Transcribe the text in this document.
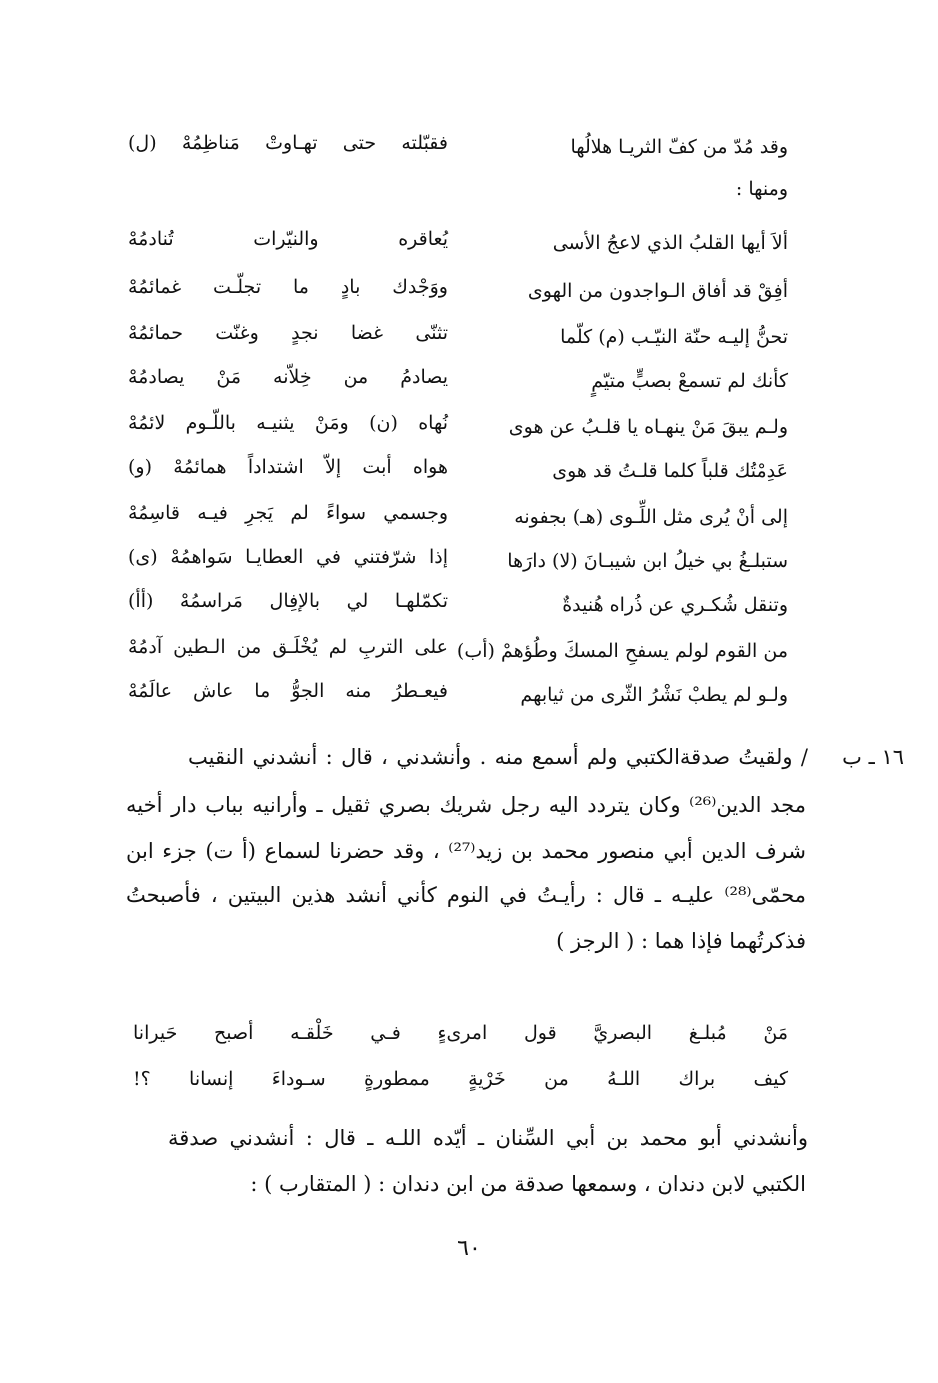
وقد مُدّ من كفّ الثريـا هلالُها
فقبّلته حتى تهـاوتْ مَناظِمُهْ (ل)
ومنها :
ألاَ أيها القلبُ الذي لاعجُ الأسى
يُعاقره والنيّرات تُنادمُهْ
أفِقْ قد أفاق الـواجدون من الهوى
ووَجْدك بادٍ ما تجلّـت غمائمُهْ
تحنُّ إليـه حنّة النيّـب (م) كلّما
تثنّى غضا نجدٍ وغنّت حمائمُهْ
كأنك لم تسمعْ بصبٍّ متيّمٍ
يصادمُ من خِلاّنه مَنْ يصادمُهْ
ولـم يبقَ مَنْ ينهـاه يا قلـبُ عن هوى
نُهاه (ن) ومَنْ يثنيـه باللّـوم لائمُهْ
عَدِمْتُك قلباً كلما قلـتُ قد هوى
هواه أبت إلاّ اشتداداً همائمُهْ (و)
إلى أنْ يُرى مثل اللِّـوى (هـ) بجفونه
وجسمي سواءً لم يَجرِ فيـه قاسِمُهْ
ستبلـغُ بي خيلُ ابن شيبـانَ (لا) دارَها
إذا شرّفتني في العطايـا سَواهمُهْ (ى)
وتنقل شُكـري عن ذُراه هُنيدةٌ
تكمّلهـا لي بالإفِال مَراسمُهْ (أأ)
من القوم لولم يسفحِ المسكَ وطُؤهمْ (أب)
على التربِ لم يُخْلَـق من الـطين آدمُهْ
ولـو لم يطبْ نَشْرُ الثّرى من ثيابهم
فيعـطرُ منه الجوُّ ما عاش عالَمُهْ
١٦ ـ ب
/ ولقيتُ صدقةالكتبي ولم أسمع منه . وأنشدني ، قال : أنشدني النقيب
مجد الدين⁽²⁶⁾ وكان يتردد اليه رجل شريك بصري ثقيل ـ وأرانيه بباب دار أخيه
شرف الدين أبي منصور محمد بن زيد⁽²⁷⁾ ، وقد حضرنا لسماع (أ ت) جزء ابن
محمّى⁽²⁸⁾ عليـه ـ قال : رأيـتُ في النوم كأني أنشد هذين البيتين ، فأصبحتُ
فذكرتُهما فإذا هما : ( الرجز )
مَنْ مُبلـغ البصريَّ قول امرىءٍ فـي خَلْقـه أصبح حَيرانا
كيف براك اللـهُ من خَرْيةٍ ممطورةٍ سـوداءَ إنسانا ؟!
وأنشدني أبو محمد بن أبي السِّنان ـ أيّده اللـه ـ قال : أنشدني صدقة
الكتبي لابن دندان ، وسمعها صدقة من ابن دندان : ( المتقارب ) :
٦٠
